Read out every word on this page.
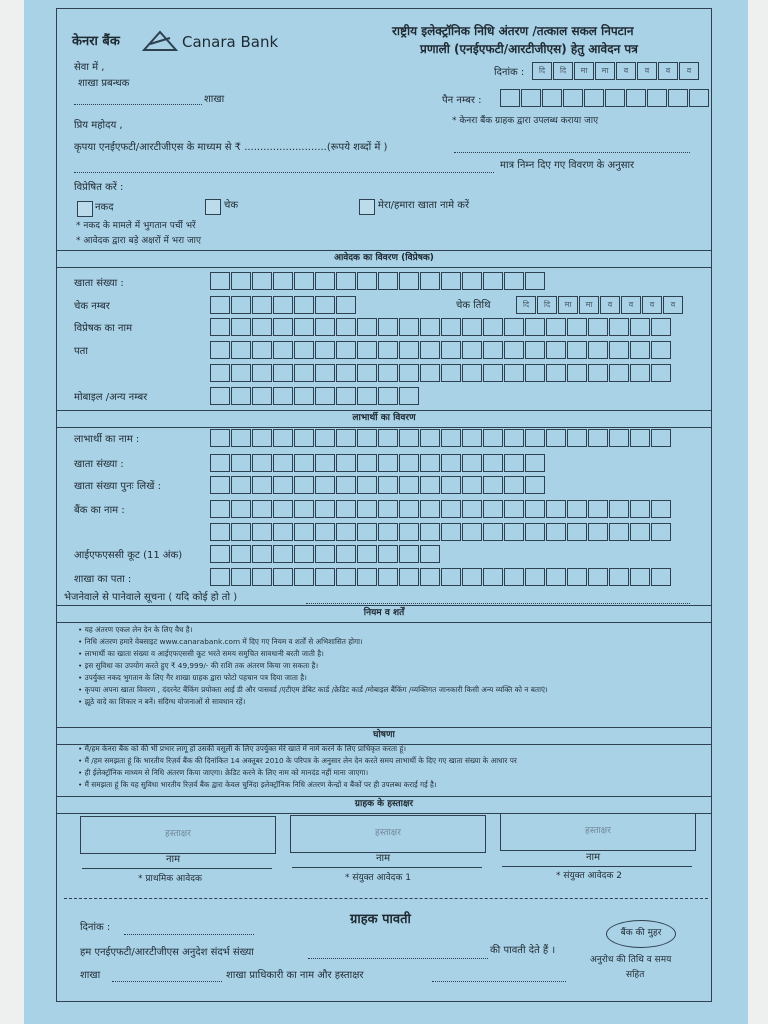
केनरा बैंक	Canara Bank
राष्ट्रीय इलेक्ट्रॉनिक निधि अंतरण /तत्काल सकल निपटान
प्रणाली (एनईएफटी/आरटीजीएस) हेतु आवेदन पत्र
सेवा में ,
शाखा प्रबन्धक
शाखा
दिनांक :	दि	दि	मा	मा	व	व	व	व
पैन नम्बर :
* केनरा बैंक ग्राहक द्वारा उपलब्ध कराया जाए
प्रिय महोदय ,
कृपया एनईएफटी/आरटीजीएस के माध्यम से ₹ ..........................(रूपये शब्दों में )
मात्र निम्न दिए गए विवरण के अनुसार
विप्रेषित करें :
नकद	चेक	मेरा/हमारा खाता नामे करें
* नकद के मामले में भुगतान पर्ची भरें
* आवेदक द्वारा बड़े अक्षरों में भरा जाए
आवेदक का विवरण (विप्रेषक)
खाता संख्या :
चेक नम्बर	चेक तिथि	दि	दि	मा	मा	व	व	व	व
विप्रेषक का नाम
पता
मोबाइल /अन्य नम्बर
लाभार्थी का विवरण
लाभार्थी का नाम :
खाता संख्या :
खाता संख्या पुनः लिखें :
बैंक का नाम :
आईएफएससी कूट (11 अंक)
शाखा का पता :
भेजनेवाले से पानेवाले सूचना ( यदि कोई हो तो )
नियम व शर्तें
• यह अंतरण एकल लेन देन के लिए वैध है।
• निधि अंतरण हमारे वेबसाइट www.canarabank.com में दिए गए नियम व शर्तों से अभिशासित होगा।
• लाभार्थी का खाता संख्या व आईएफएससी कूट भरते समय समुचित सावधानी बरती जाती है।
• इस सुविधा का उपयोग करते हुए ₹ 49,999/- की राशि तक अंतरण किया जा सकता है।
• उपर्युक्त नकद भुगतान के लिए गैर शाखा ग्राहक द्वारा फोटो पहचान पत्र दिया जाता है।
• कृपया अपना खाता विवरण , दंदरनेट बैंकिंग प्रयोक्ता आई डी और पासवर्ड /एटीएम डेबिट कार्ड /क्रेडिट कार्ड /मोबाइल बैंकिंग /व्यक्तिगत जानकारी किसी अन्य व्यक्ति को न बताएं।
• झूठे वादे का शिकार न बनें। संदिग्ध योजनाओं से सावधान रहें।
घोषणा
• मैं/हम केनरा बैंक को की भी प्रभार लागू हो उसकी वसूली के लिए उपर्युक्त मेरे खाते में नामे करने के लिए प्राधिकृत करता हूं।
• मैं /हम समझता हूं कि भारतीय रिज़र्व बैंक की दिनांकित 14 अक्तूबर 2010 के परिपत्र के अनुसार लेन देन करते समय लाभार्थी के दिए गए खाता संख्या के आधार पर
• ही ईलेक्ट्रॉनिक माध्यम से निधि अंतरण किया जाएगा। क्रेडिट करने के लिए नाम को मानदंड नहीं माना जाएगा।
• मैं समझता हूं कि यह सुविधा भारतीय रिज़र्व बैंक द्वारा केवल चुनिंदा इलेक्ट्रॉनिक निधि अंतरण केन्द्रों व बैंकों पर ही उपलब्ध कराई गई है।
ग्राहक के हस्ताक्षर
हस्ताक्षर	हस्ताक्षर	हस्ताक्षर
नाम	नाम	नाम
* प्राथमिक आवेदक	* संयुक्त आवेदक 1	* संयुक्त आवेदक 2
ग्राहक पावती
दिनांक :
हम एनईएफटी/आरटीजीएस अनुदेश संदर्भ संख्या	की पावती देते हैं ।
शाखा	शाखा प्राधिकारी का नाम और हस्ताक्षर
बैंक की मुहर
अनुरोध की तिथि व समय
सहित
